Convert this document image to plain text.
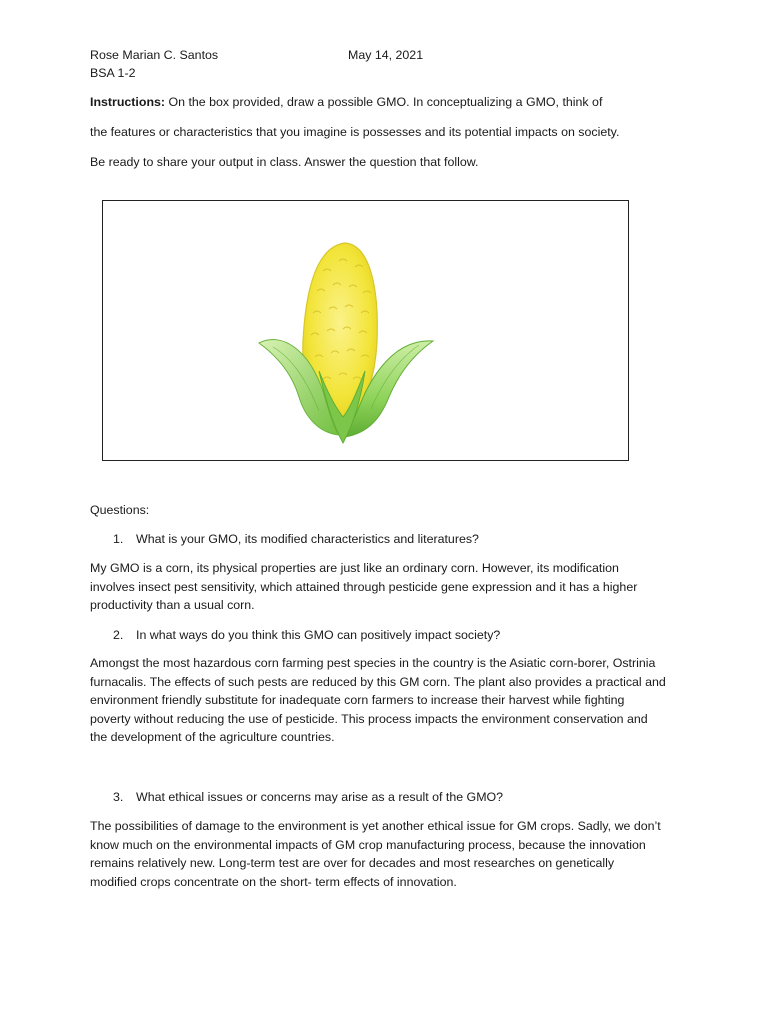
Rose Marian C. Santos	May 14, 2021
BSA 1-2
Instructions: On the box provided, draw a possible GMO. In conceptualizing a GMO, think of
the features or characteristics that you imagine is possesses and its potential impacts on society.
Be ready to share your output in class. Answer the question that follow.
Questions:
1. What is your GMO, its modified characteristics and literatures?

My GMO is a corn, its physical properties are just like an ordinary corn. However, its modification

involves insect pest sensitivity, which attained through pesticide gene expression and it has a higher

productivity than a usual corn.

2. In what ways do you think this GMO can positively impact society?

Amongst the most hazardous corn farming pest species in the country is the Asiatic corn-borer, Ostrinia

furnacalis. The effects of such pests are reduced by this GM corn. The plant also provides a practical and

environment friendly substitute for inadequate corn farmers to increase their harvest while fighting

poverty without reducing the use of pesticide. This process impacts the environment conservation and

the development of the agriculture countries.

3. What ethical issues or concerns may arise as a result of the GMO?

The possibilities of damage to the environment is yet another ethical issue for GM crops. Sadly, we don’t

know much on the environmental impacts of GM crop manufacturing process, because the innovation

remains relatively new. Long-term test are over for decades and most researches on genetically

modified crops concentrate on the short- term effects of innovation.
